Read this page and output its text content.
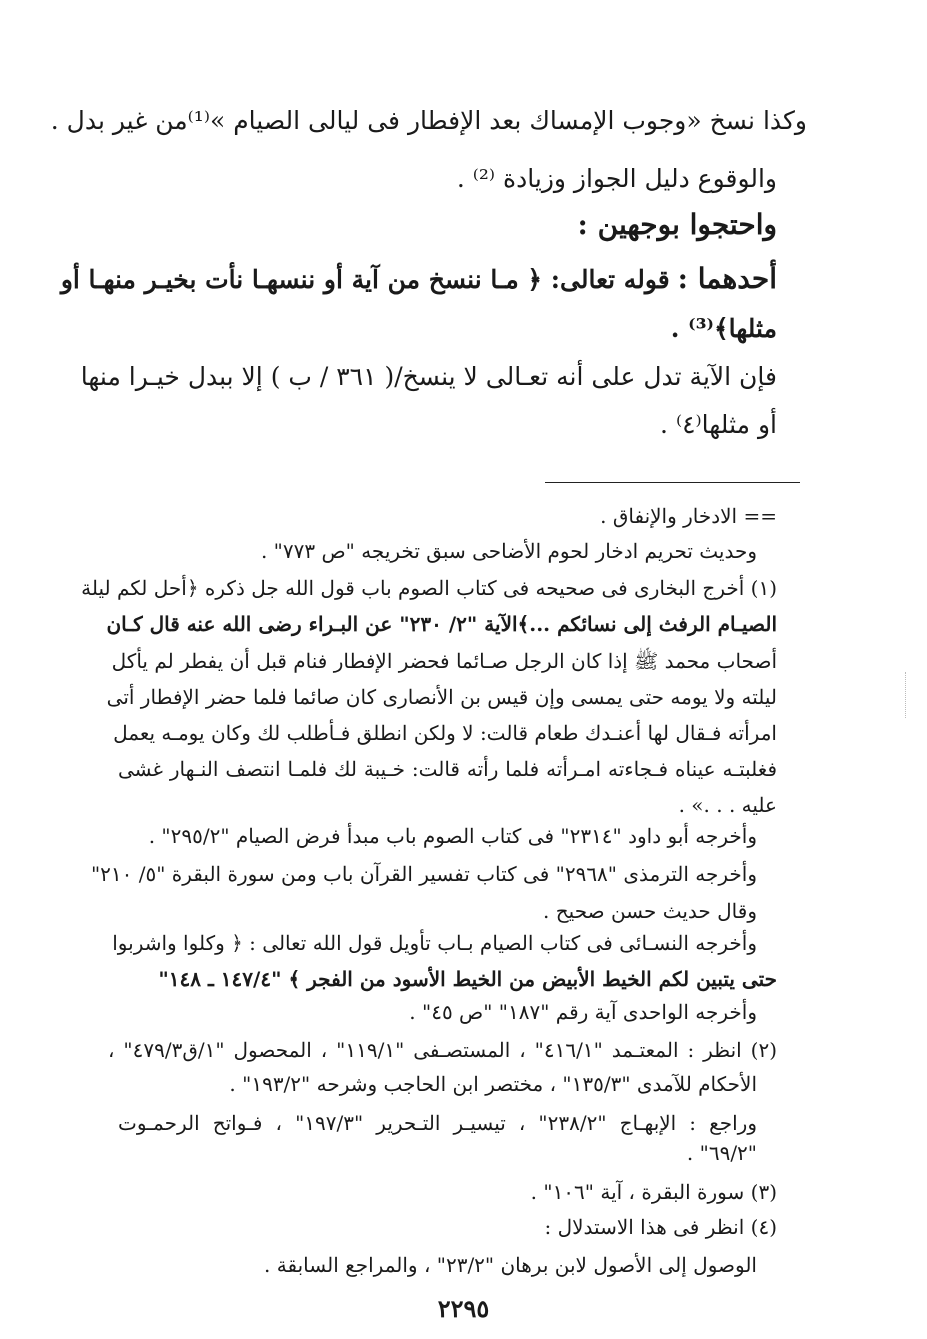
وكذا نسخ «وجوب الإمساك بعد الإفطار فى ليالى الصيام »⁽¹⁾من غير بدل .
والوقوع دليل الجواز وزيادة ⁽²⁾ .
واحتجوا بوجهين :
أحدهما : قوله تعالى: ﴿ مـا ننسخ من آية أو ننسهـا نأت بخيـر منهـا أو
مثلها﴾⁽³⁾ .
فإن الآية تدل على أنه تعـالى لا ينسخ/( ٣٦١ / ب ) إلا ببدل خيـرا منها
أو مثلها⁽٤⁾ .
== الادخار والإنفاق .
وحديث تحريم ادخار لحوم الأضاحى سبق تخريجه "ص ٧٧٣" .
(١) أخرج البخارى فى صحيحه فى كتاب الصوم باب قول الله جل ذكره ﴿أحل لكم ليلة
الصيـام الرفث إلى نسائكم ...﴾الآية "٢/ ٢٣٠" عن البـراء رضى الله عنه قال كـان
أصحاب محمد ﷺ إذا كان الرجل صـائما فحضر الإفطار فنام قبل أن يفطر لم يأكل
ليلته ولا يومه حتى يمسى وإن قيس بن الأنصارى كان صائما فلما حضر الإفطار أتى
امرأته فـقال لها أعنـدك طعام قالت: لا ولكن انطلق فـأطلب لك وكان يومـه يعمل
فغلبتـه عيناه فـجاءته امـرأته فلما رأته قالت: خـيبة لك فلمـا انتصف النـهار غشى
عليه . . .» .
وأخرجه أبو داود "٢٣١٤" فى كتاب الصوم باب مبدأ فرض الصيام "٢٩٥/٢" .
وأخرجه الترمذى "٢٩٦٨" فى كتاب تفسير القرآن باب ومن سورة البقرة "٥/ ٢١٠"
وقال حديث حسن صحيح .
وأخرجه النسـائى فى كتاب الصيام بـاب تأويل قول الله تعالى : ﴿ وكلوا واشربوا
حتى يتبين لكم الخيط الأبيض من الخيط الأسود من الفجر ﴾ "١٤٧/٤ ـ ١٤٨"
وأخرجه الواحدى آية رقم "١٨٧" "ص ٤٥" .
(٢) انظر : المعتـمد "٤١٦/١" ، المستصـفى "١١٩/١" ، المحصول "١/ق٤٧٩/٣" ،
الأحكام للآمدى "١٣٥/٣" ، مختصر ابن الحاجب وشرحه "١٩٣/٢" .
وراجع : الإبهـاج "٢٣٨/٢" ، تيسيـر التـحرير "١٩٧/٣" ، فـواتح الرحمـوت
"٦٩/٢" .
(٣) سورة البقرة ، آية "١٠٦" .
(٤) انظر فى هذا الاستدلال :
الوصول إلى الأصول لابن برهان "٢٣/٢" ، والمراجع السابقة .
٢٢٩٥
